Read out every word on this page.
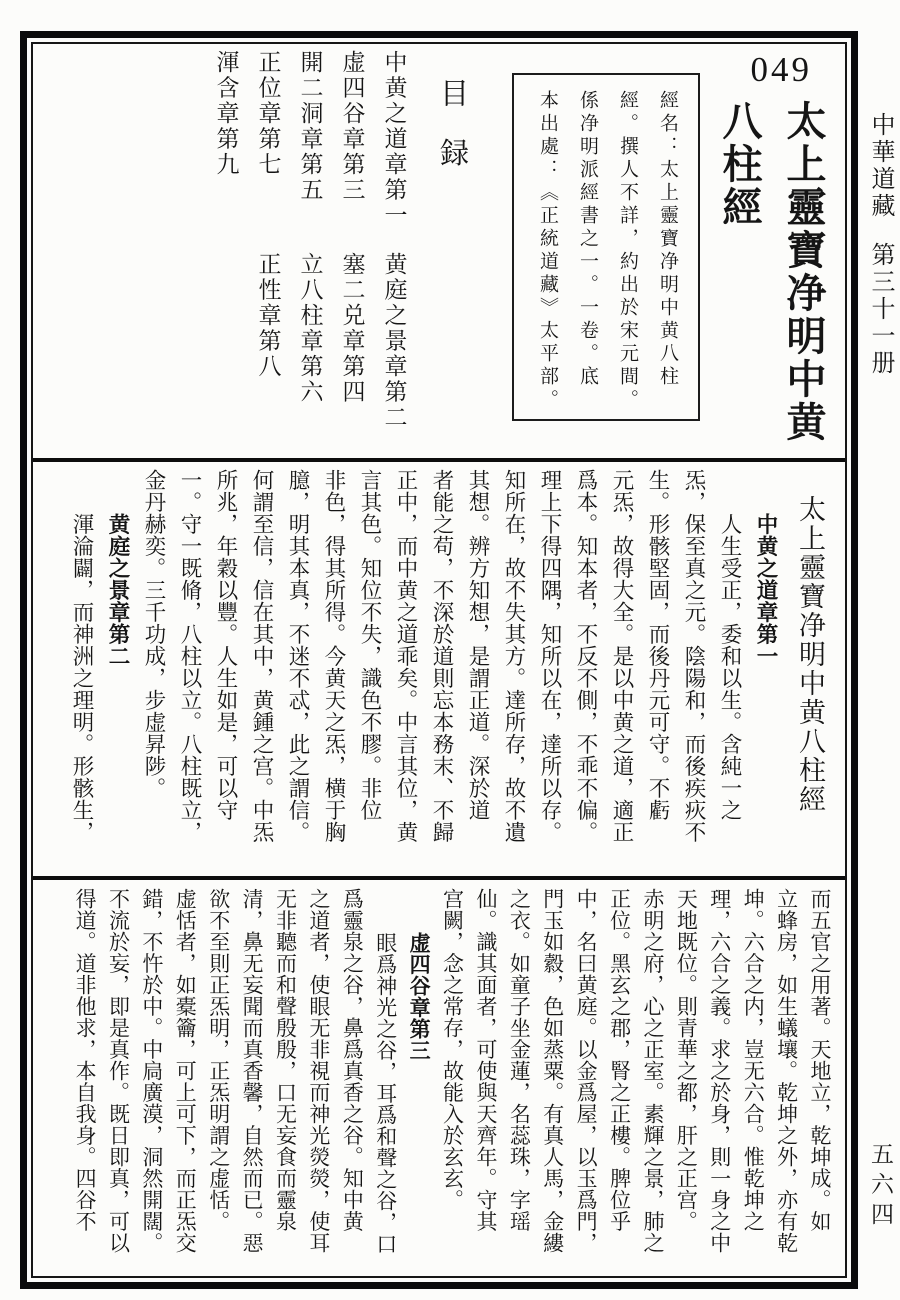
中華道藏第三十一册
五六四
049
太上靈寶净明中黄
八柱經
經名：太上靈寶净明中黄八柱
經。撰人不詳，約出於宋元間。
係净明派經書之一。一卷。底
本出處：《正統道藏》太平部。
目録
中黄之道章第一
黄庭之景章第二
虚四谷章第三
塞二兑章第四
開二洞章第五
立八柱章第六
正位章第七
正性章第八
渾含章第九
太上靈寶净明中黄八柱經
中黄之道章第一
人生受正，委和以生。含純一之
炁，保至真之元。陰陽和，而後疾疢不
生。形骸堅固，而後丹元可守。不虧
元炁，故得大全。是以中黄之道，適正
爲本。知本者，不反不側，不乖不偏。
理上下得四隅，知所以在，達所以存。
知所在，故不失其方。達所存，故不遺
其想。辨方知想，是謂正道。深於道
者能之苟，不深於道則忘本務末、不歸
正中，而中黄之道乖矣。中言其位，黄
言其色。知位不失，識色不膠。非位
非色，得其所得。今黄天之炁，横于胸
臆，明其本真，不迷不忒，此之謂信。
何謂至信，信在其中，黄鍾之宫。中炁
所兆，年穀以豐。人生如是，可以守
一。守一既脩，八柱以立。八柱既立，
金丹赫奕。三千功成，步虚昇陟。
黄庭之景章第二
渾淪闢，而神洲之理明。形骸生，
而五官之用著。天地立，乾坤成。如
立蜂房，如生蟻壤。乾坤之外，亦有乾
坤。六合之内，豈无六合。惟乾坤之
理，六合之義。求之於身，則一身之中
天地既位。則青華之都，肝之正宫。
赤明之府，心之正室。素輝之景，肺之
正位。黑玄之郡，腎之正樓。脾位乎
中，名曰黄庭。以金爲屋，以玉爲門，
門玉如縠，色如蒸粟。有真人馬，金縷
之衣。如童子坐金蓮，名蕊珠，字瑶
仙。識其面者，可使與天齊年。守其
宫闕，念之常存，故能入於玄玄。
虚四谷章第三
眼爲神光之谷，耳爲和聲之谷，口
爲靈泉之谷，鼻爲真香之谷。知中黄
之道者，使眼无非視而神光熒熒，使耳
无非聽而和聲殷殷，口无妄食而靈泉
清，鼻无妄聞而真香馨，自然而已。惡
欲不至則正炁明，正炁明謂之虚恬。
虚恬者，如橐籥，可上可下，而正炁交
錯，不忤於中。中扃廣漠，洞然開闊。
不流於妄，即是真作。既日即真，可以
得道。道非他求，本自我身。四谷不
